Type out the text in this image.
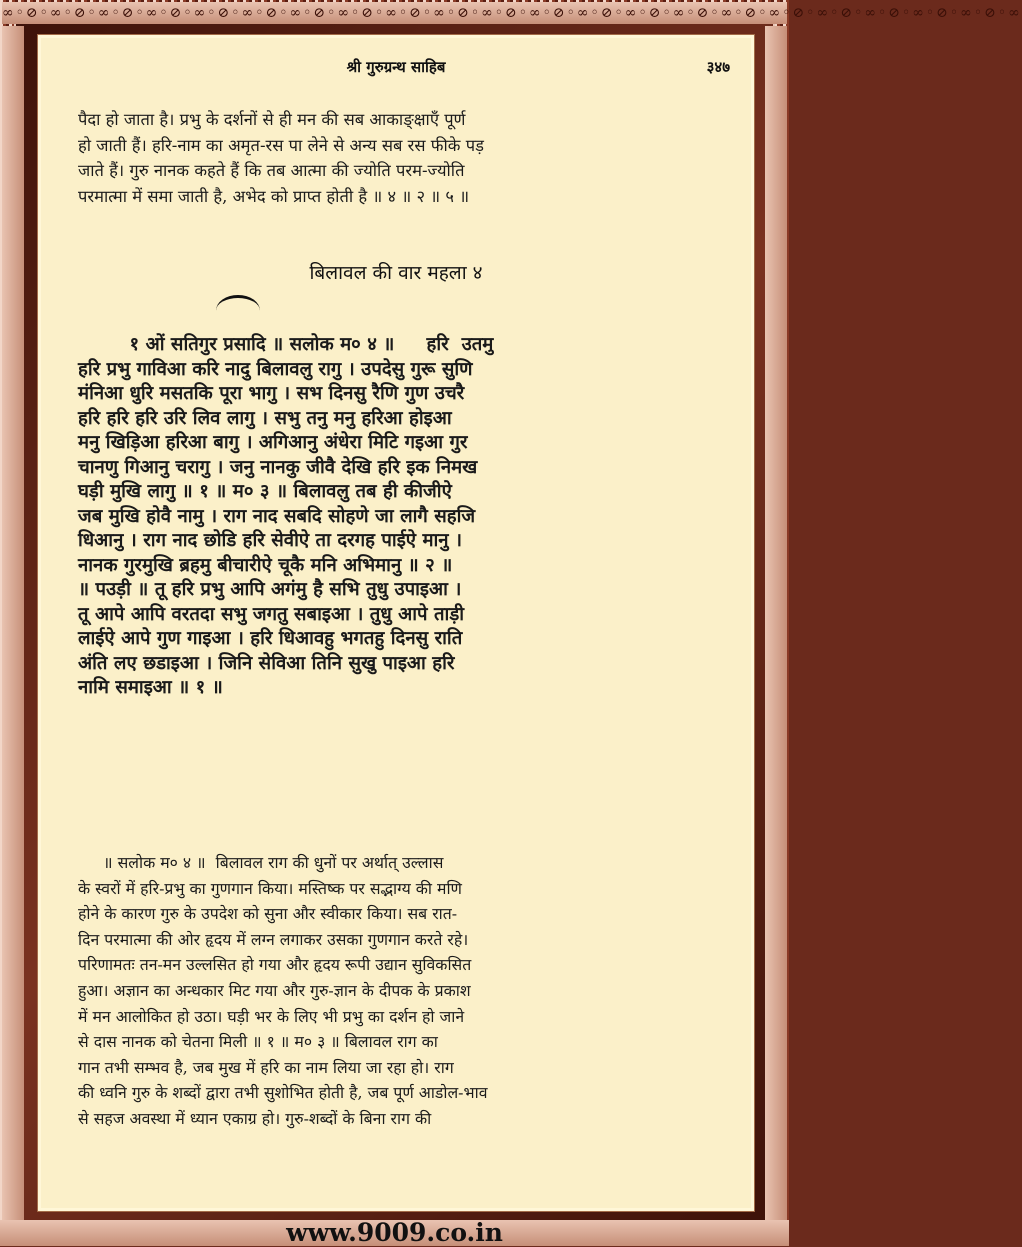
∞◦⊘◦∞◦⊘◦∞◦⊘◦∞◦⊘◦∞◦⊘◦∞◦⊘◦∞◦⊘◦∞◦⊘◦∞◦⊘◦∞◦⊘◦∞◦⊘◦∞◦⊘◦∞◦⊘◦∞◦⊘◦∞◦⊘◦∞◦⊘◦∞◦⊘◦∞◦⊘◦∞◦⊘◦∞◦⊘◦∞◦⊘◦∞
श्री गुरुग्रन्थ साहिब	३४७
पैदा हो जाता है। प्रभु के दर्शनों से ही मन की सब आकाङ्क्षाएँ पूर्ण
हो जाती हैं। हरि-नाम का अमृत-रस पा लेने से अन्य सब रस फीके पड़
जाते हैं। गुरु नानक कहते हैं कि तब आत्मा की ज्योति परम-ज्योति
परमात्मा में समा जाती है, अभेद को प्राप्त होती है ॥ ४ ॥ २ ॥ ५ ॥
बिलावल की वार महला ४
१ ओं सतिगुर प्रसादि ॥ सलोक म० ४ ॥     हरि  उतमु
हरि प्रभु गाविआ करि नादु बिलावलु रागु । उपदेसु गुरू सुणि
मंनिआ धुरि मसतकि पूरा भागु । सभ दिनसु रैणि गुण उचरै
हरि हरि हरि उरि लिव लागु । सभु तनु मनु हरिआ होइआ
मनु खिड़िआ हरिआ बागु । अगिआनु अंधेरा मिटि गइआ गुर
चानणु गिआनु चरागु । जनु नानकु जीवै देखि हरि इक निमख
घड़ी मुखि लागु ॥ १ ॥ म० ३ ॥ बिलावलु तब ही कीजीऐ
जब मुखि होवै नामु । राग नाद सबदि सोहणे जा लागै सहजि
धिआनु । राग नाद छोडि हरि सेवीऐ ता दरगह पाईऐ मानु ।
नानक गुरमुखि ब्रहमु बीचारीऐ चूकै मनि अभिमानु ॥ २ ॥
॥ पउड़ी ॥ तू हरि प्रभु आपि अगंमु है सभि तुधु उपाइआ ।
तू आपे आपि वरतदा सभु जगतु सबाइआ । तुधु आपे ताड़ी
लाईऐ आपे गुण गाइआ । हरि धिआवहु भगतहु दिनसु राति
अंति लए छडाइआ । जिनि सेविआ तिनि सुखु पाइआ हरि
नामि समाइआ ॥ १ ॥
॥ सलोक म० ४ ॥  बिलावल राग की धुनों पर अर्थात् उल्लास
के स्वरों में हरि-प्रभु का गुणगान किया। मस्तिष्क पर सद्भाग्य की मणि
होने के कारण गुरु के उपदेश को सुना और स्वीकार किया। सब रात-
दिन परमात्मा की ओर हृदय में लग्न लगाकर उसका गुणगान करते रहे।
परिणामतः तन-मन उल्लसित हो गया और हृदय रूपी उद्यान सुविकसित
हुआ। अज्ञान का अन्धकार मिट गया और गुरु-ज्ञान के दीपक के प्रकाश
में मन आलोकित हो उठा। घड़ी भर के लिए भी प्रभु का दर्शन हो जाने
से दास नानक को चेतना मिली ॥ १ ॥ म० ३ ॥ बिलावल राग का
गान तभी सम्भव है, जब मुख में हरि का नाम लिया जा रहा हो। राग
की ध्वनि गुरु के शब्दों द्वारा तभी सुशोभित होती है, जब पूर्ण आडोल-भाव
से सहज अवस्था में ध्यान एकाग्र हो। गुरु-शब्दों के बिना राग की
www.9009.co.in
